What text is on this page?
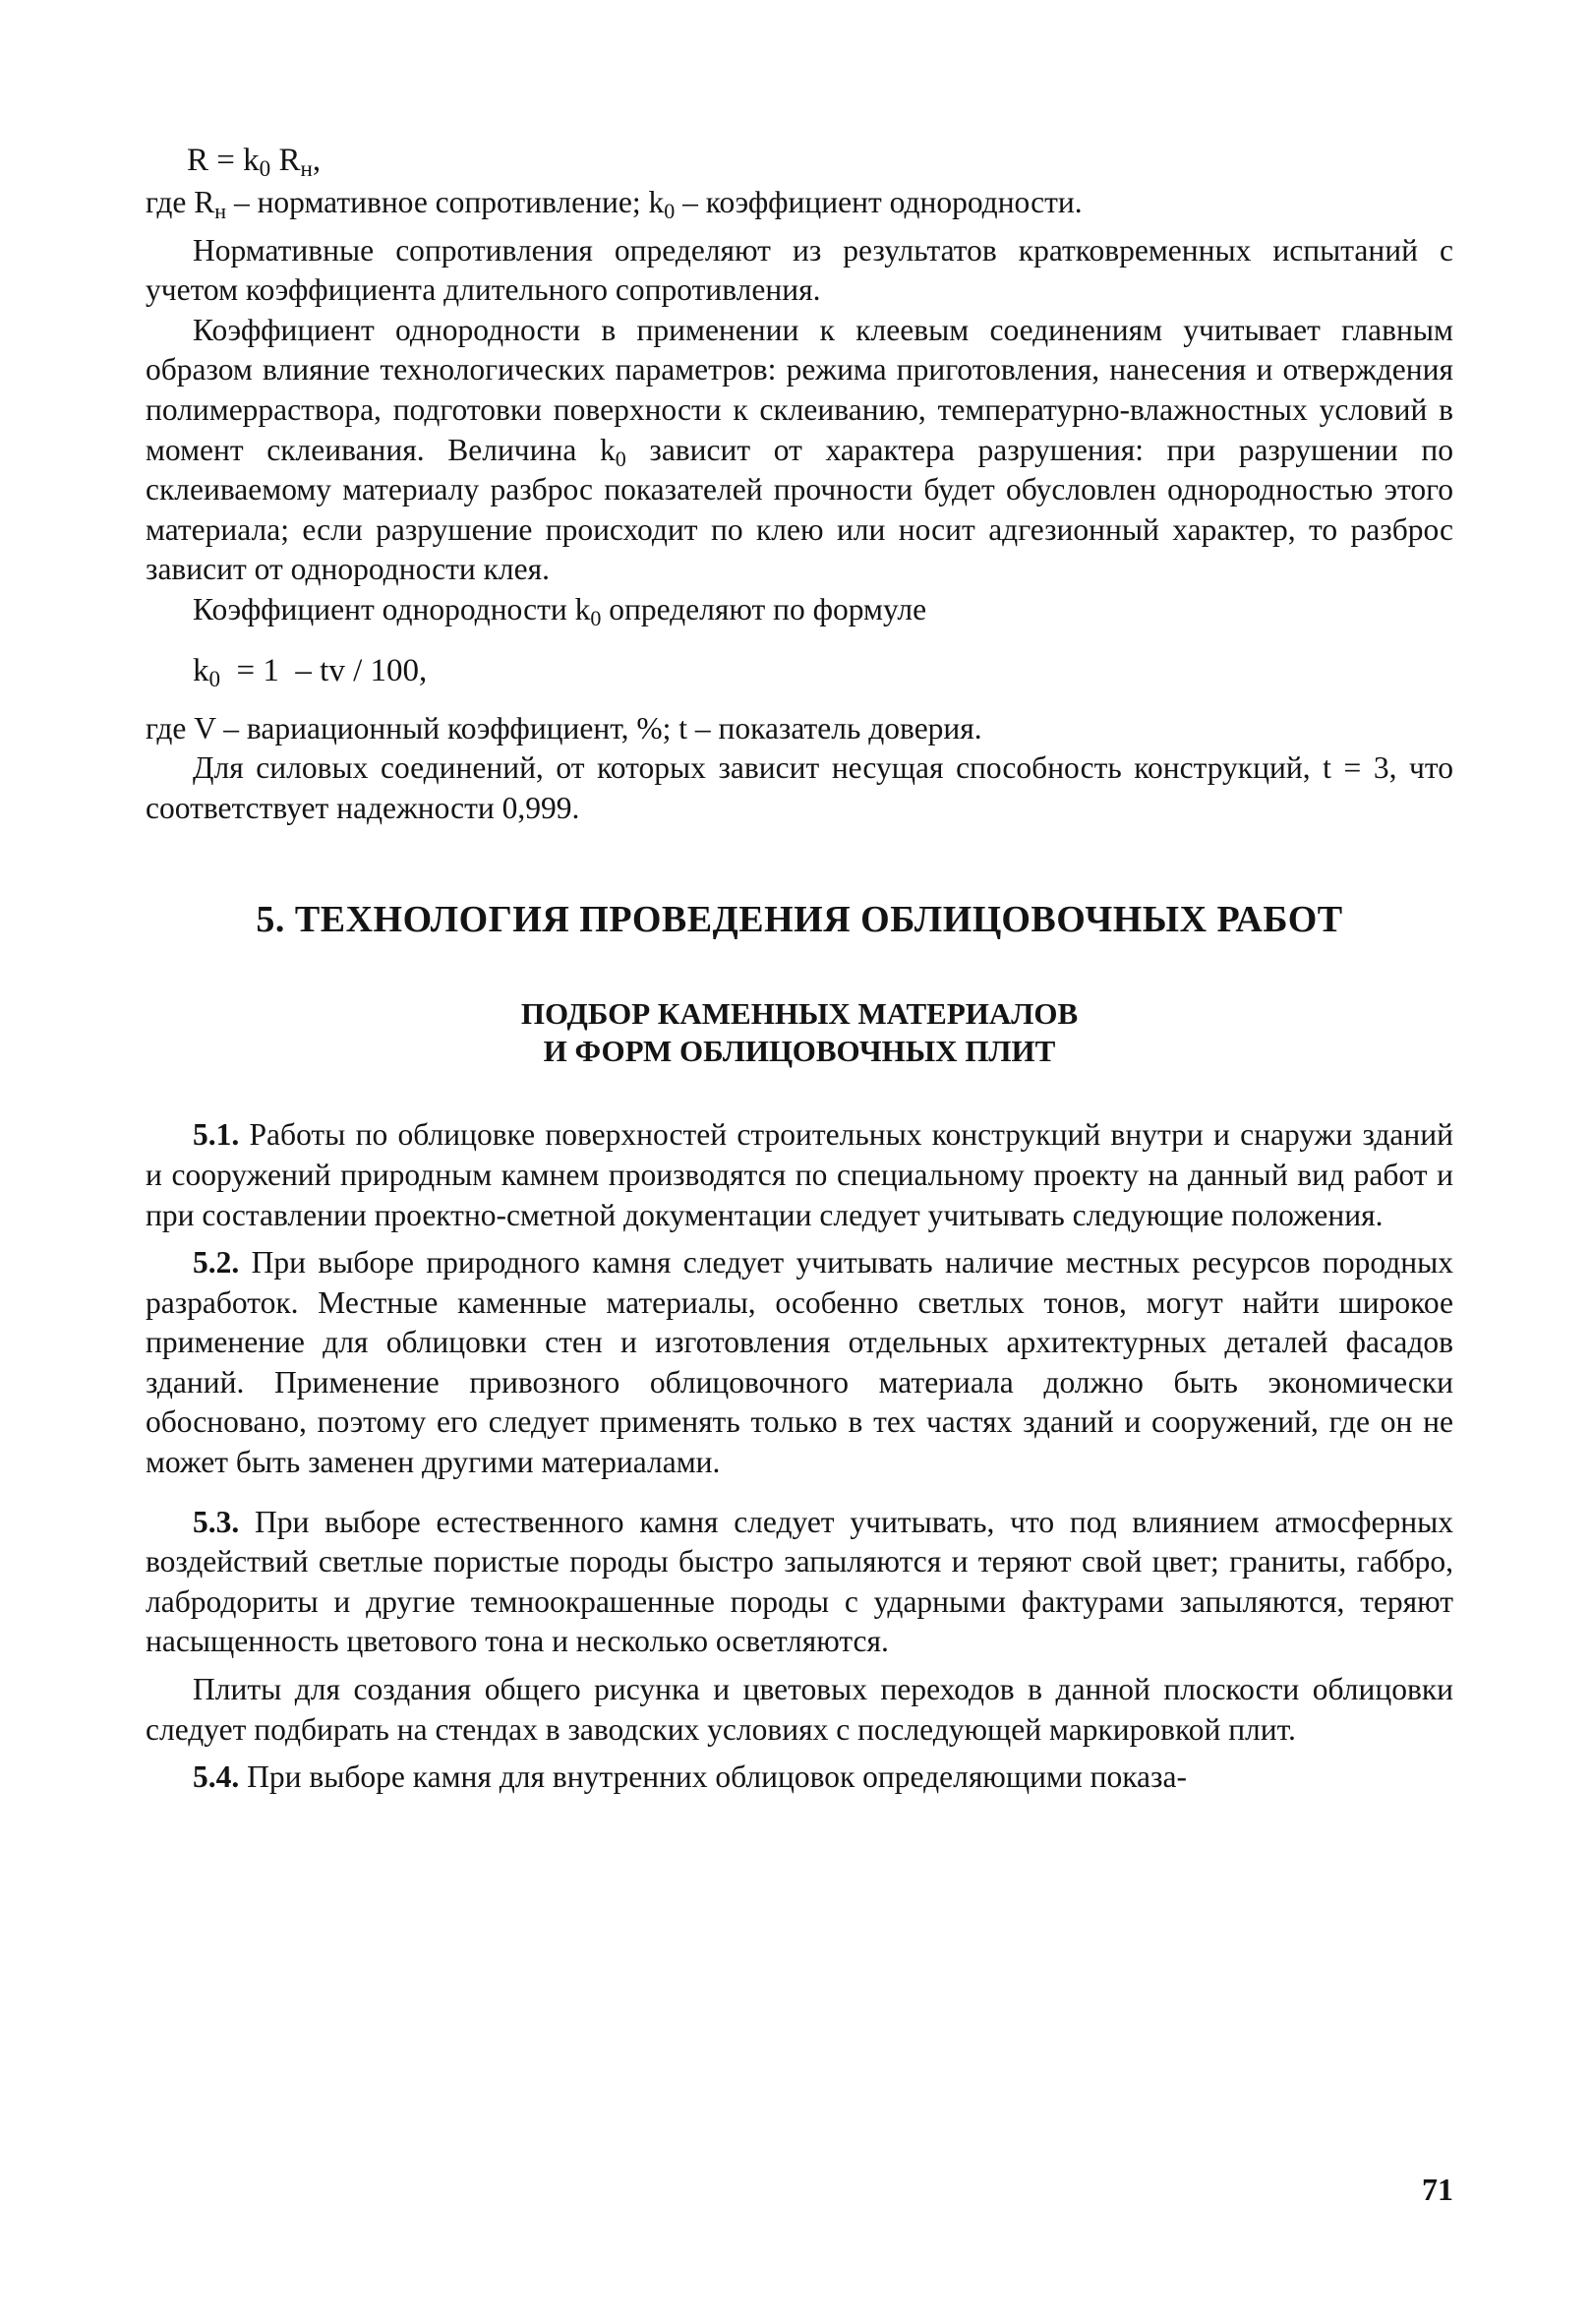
$R = k_0$ $R_н$,

где $R_н$ – нормативное сопротивление; $k_0$ – коэффициент однородности.

Нормативные сопротивления определяют из результатов кратковременных испытаний с учетом коэффициента длительного сопротивления.

Коэффициент однородности в применении к клеевым соединениям учитывает главным образом влияние технологических параметров: режима приготовления, нанесения и отверждения полимерраствора, подготовки поверхности к склеиванию, температурно-влажностных условий в момент склеивания. Величина $k_0$ зависит от характера разрушения: при разрушении по склеиваемому материалу разброс показателей прочности будет обусловлен однородностью этого материала; если разрушение происходит по клею или носит адгезионный характер, то разброс зависит от однородности клея.

Коэффициент однородности $k_0$ определяют по формуле

$k_0 = 1$  – tv / 100,

где V – вариационный коэффициент, %; t – показатель доверия.

Для силовых соединений, от которых зависит несущая способность конструкций, t = 3, что соответствует надежности 0,999.

5. ТЕХНОЛОГИЯ ПРОВЕДЕНИЯ ОБЛИЦОВОЧНЫХ РАБОТ
ПОДБОР КАМЕННЫХ МАТЕРИАЛОВ
И ФОРМ ОБЛИЦОВОЧНЫХ ПЛИТ

5.1. Работы по облицовке поверхностей строительных конструкций внутри и снаружи зданий и сооружений природным камнем производятся по специальному проекту на данный вид работ и при составлении проектно-сметной документации следует учитывать следующие положения.

5.2. При выборе природного камня следует учитывать наличие местных ресурсов породных разработок. Местные каменные материалы, особенно светлых тонов, могут найти широкое применение для облицовки стен и изготовления отдельных архитектурных деталей фасадов зданий. Применение привозного облицовочного материала должно быть экономически обосновано, поэтому его следует применять только в тех частях зданий и сооружений, где он не может быть заменен другими материалами.

5.3. При выборе естественного камня следует учитывать, что под влиянием атмосферных воздействий светлые пористые породы быстро запыляются и теряют свой цвет; граниты, габбро, лабродориты и другие темноокрашенные породы с ударными фактурами запыляются, теряют насыщенность цветового тона и несколько осветляются.

Плиты для создания общего рисунка и цветовых переходов в данной плоскости облицовки следует подбирать на стендах в заводских условиях с последующей маркировкой плит.

5.4. При выборе камня для внутренних облицовок определяющими показа-

71
